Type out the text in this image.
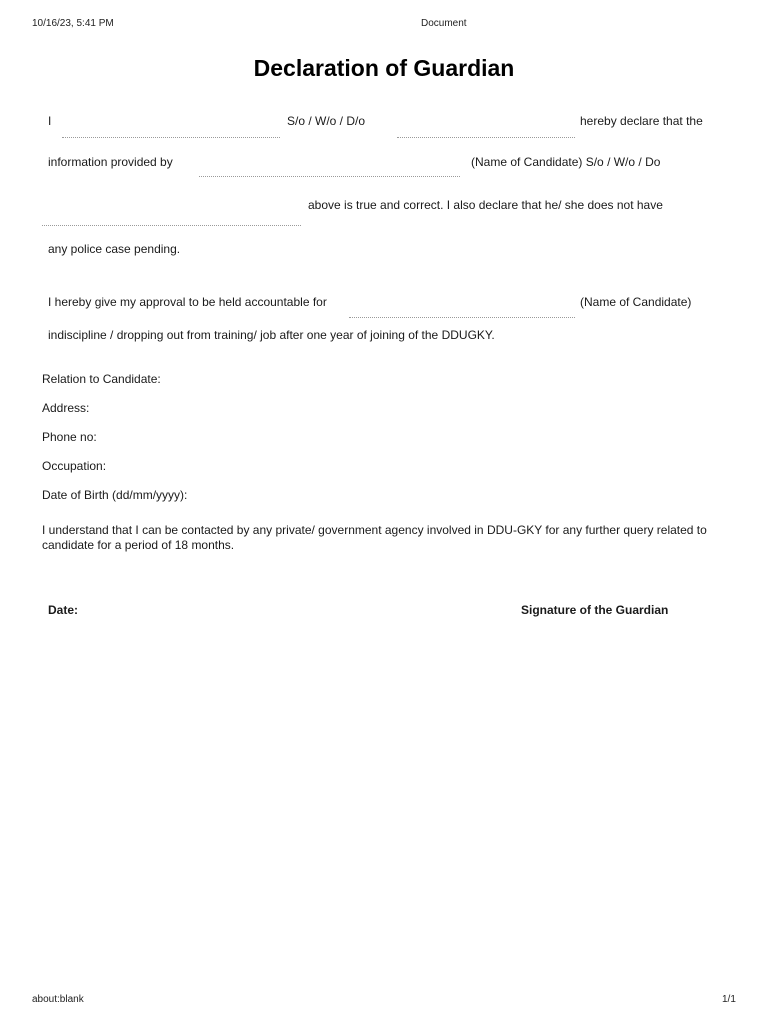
10/16/23, 5:41 PM	Document
Declaration of Guardian
I	S/o / W/o / D/o	hereby declare that the
information provided by	(Name of Candidate) S/o / W/o / Do
above is true and correct. I also declare that he/ she does not have
any police case pending.
I hereby give my approval to be held accountable for	(Name of Candidate)
indiscipline / dropping out from training/ job after one year of joining of the DDUGKY.
Relation to Candidate:
Address:
Phone no:
Occupation:
Date of Birth (dd/mm/yyyy):
I understand that I can be contacted by any private/ government agency involved in DDU-GKY for any further query related to candidate for a period of 18 months.
Date:	Signature of the Guardian
about:blank	1/1
